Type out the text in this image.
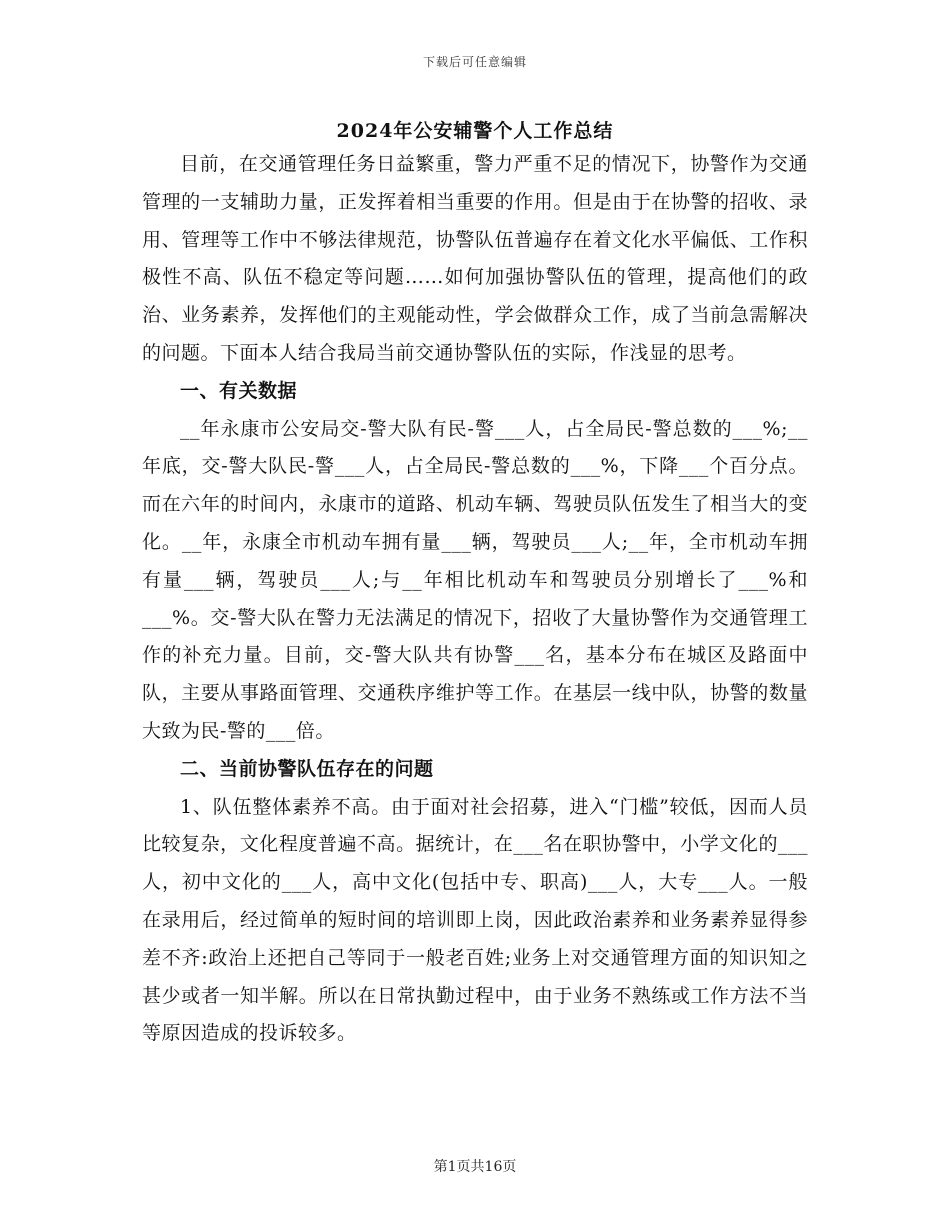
下载后可任意编辑
2024年公安辅警个人工作总结

目前，在交通管理任务日益繁重，警力严重不足的情况下，协警作为交通管理的一支辅助力量，正发挥着相当重要的作用。但是由于在协警的招收、录用、管理等工作中不够法律规范，协警队伍普遍存在着文化水平偏低、工作积极性不高、队伍不稳定等问题……如何加强协警队伍的管理，提高他们的政治、业务素养，发挥他们的主观能动性，学会做群众工作，成了当前急需解决的问题。下面本人结合我局当前交通协警队伍的实际，作浅显的思考。

一、有关数据

__年永康市公安局交-警大队有民-警___人，占全局民-警总数的___%;__年底，交-警大队民-警___人，占全局民-警总数的___%，下降___个百分点。而在六年的时间内，永康市的道路、机动车辆、驾驶员队伍发生了相当大的变化。__年，永康全市机动车拥有量___辆，驾驶员___人;__年，全市机动车拥有量___辆，驾驶员___人;与__年相比机动车和驾驶员分别增长了___%和___%。交-警大队在警力无法满足的情况下，招收了大量协警作为交通管理工作的补充力量。目前，交-警大队共有协警___名，基本分布在城区及路面中队，主要从事路面管理、交通秩序维护等工作。在基层一线中队，协警的数量大致为民-警的___倍。

二、当前协警队伍存在的问题

1、队伍整体素养不高。由于面对社会招募，进入“门槛”较低，因而人员比较复杂，文化程度普遍不高。据统计，在___名在职协警中，小学文化的___人，初中文化的___人，高中文化(包括中专、职高)___人，大专___人。一般在录用后，经过简单的短时间的培训即上岗，因此政治素养和业务素养显得参差不齐:政治上还把自己等同于一般老百姓;业务上对交通管理方面的知识知之甚少或者一知半解。所以在日常执勤过程中，由于业务不熟练或工作方法不当等原因造成的投诉较多。

第1页共16页
